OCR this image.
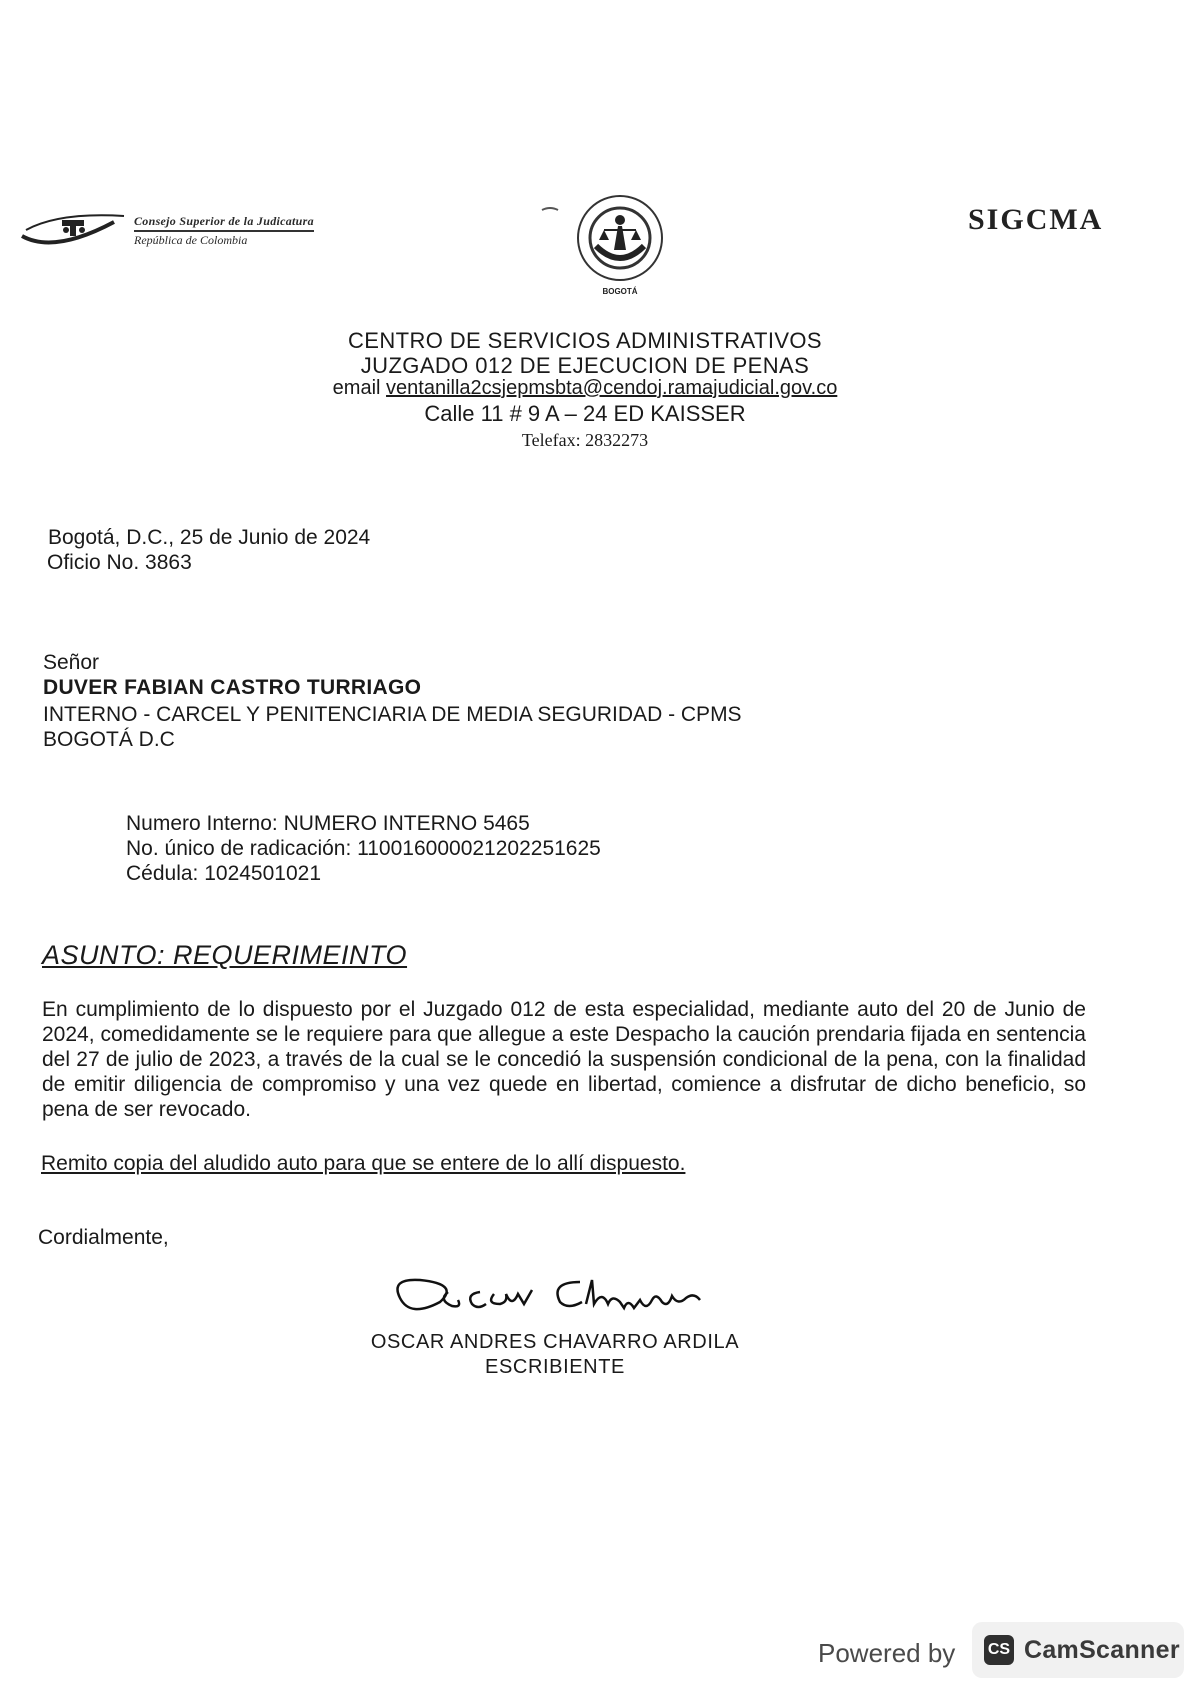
Consejo Superior de la Judicatura
República de Colombia
BOGOTÁ
SIGCMA
CENTRO DE SERVICIOS ADMINISTRATIVOS
JUZGADO 012 DE EJECUCION DE PENAS
email ventanilla2csjepmsbta@cendoj.ramajudicial.gov.co
Calle 11 # 9 A – 24 ED KAISSER
Telefax: 2832273
Bogotá, D.C., 25 de Junio de 2024
Oficio No. 3863
Señor
DUVER FABIAN CASTRO TURRIAGO
INTERNO - CARCEL Y PENITENCIARIA DE MEDIA SEGURIDAD - CPMS
BOGOTÁ D.C
Numero Interno: NUMERO INTERNO 5465
No. único de radicación: 11001600002120225162​5
Cédula: 1024501021
ASUNTO: REQUERIMEINTO
En cumplimiento de lo dispuesto por el Juzgado 012 de esta especialidad, mediante auto del 20 de Junio de 2024, comedidamente se le requiere para que allegue a este Despacho la caución prendaria fijada en sentencia del 27 de julio de 2023, a través de la cual se le concedió la suspensión condicional de la pena, con la finalidad de emitir diligencia de compromiso y una vez quede en libertad, comience a disfrutar de dicho beneficio, so pena de ser revocado.
Remito copia del aludido auto para que se entere de lo allí dispuesto.
Cordialmente,
OSCAR ANDRES CHAVARRO ARDILA
ESCRIBIENTE
Powered by CS CamScanner
